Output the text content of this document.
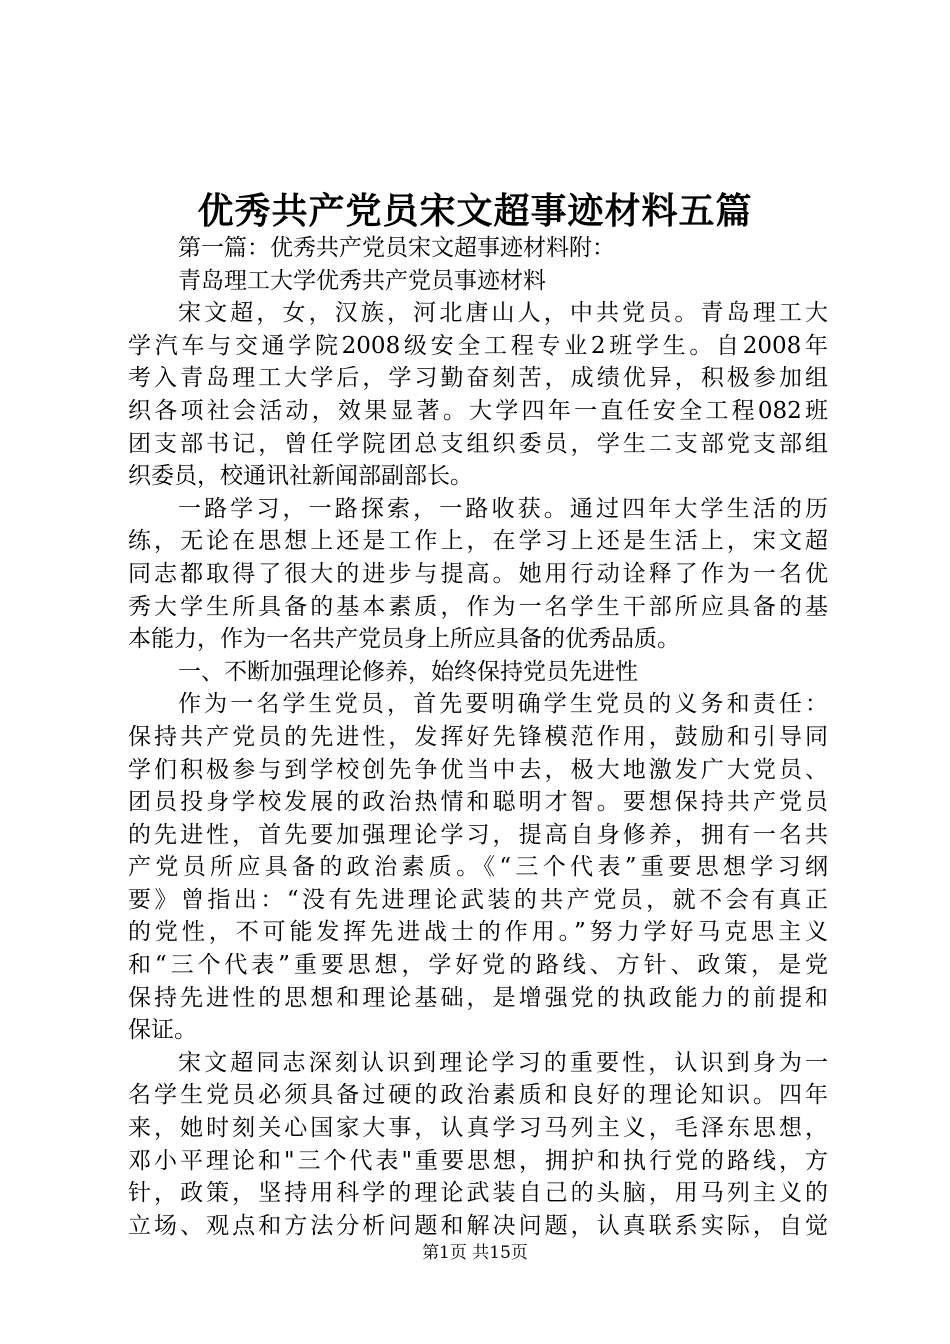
优秀共产党员宋文超事迹材料五篇
第一篇：优秀共产党员宋文超事迹材料附：
青岛理工大学优秀共产党员事迹材料
宋文超，女，汉族，河北唐山人，中共党员。青岛理工大
学汽车与交通学院2008级安全工程专业2班学生。自2008年
考入青岛理工大学后，学习勤奋刻苦，成绩优异，积极参加组
织各项社会活动，效果显著。大学四年一直任安全工程082班
团支部书记，曾任学院团总支组织委员，学生二支部党支部组
织委员，校通讯社新闻部副部长。
一路学习，一路探索，一路收获。通过四年大学生活的历
练，无论在思想上还是工作上，在学习上还是生活上，宋文超
同志都取得了很大的进步与提高。她用行动诠释了作为一名优
秀大学生所具备的基本素质，作为一名学生干部所应具备的基
本能力，作为一名共产党员身上所应具备的优秀品质。
一、不断加强理论修养，始终保持党员先进性
作为一名学生党员，首先要明确学生党员的义务和责任：
保持共产党员的先进性，发挥好先锋模范作用，鼓励和引导同
学们积极参与到学校创先争优当中去，极大地激发广大党员、
团员投身学校发展的政治热情和聪明才智。要想保持共产党员
的先进性，首先要加强理论学习，提高自身修养，拥有一名共
产党员所应具备的政治素质。《“三个代表”重要思想学习纲
要》曾指出：“没有先进理论武装的共产党员，就不会有真正
的党性，不可能发挥先进战士的作用。”努力学好马克思主义
和“三个代表”重要思想，学好党的路线、方针、政策，是党
保持先进性的思想和理论基础，是增强党的执政能力的前提和
保证。
宋文超同志深刻认识到理论学习的重要性，认识到身为一
名学生党员必须具备过硬的政治素质和良好的理论知识。四年
来，她时刻关心国家大事，认真学习马列主义，毛泽东思想，
邓小平理论和"三个代表"重要思想，拥护和执行党的路线，方
针，政策，坚持用科学的理论武装自己的头脑，用马列主义的
立场、观点和方法分析问题和解决问题，认真联系实际，自觉
第1页 共15页
